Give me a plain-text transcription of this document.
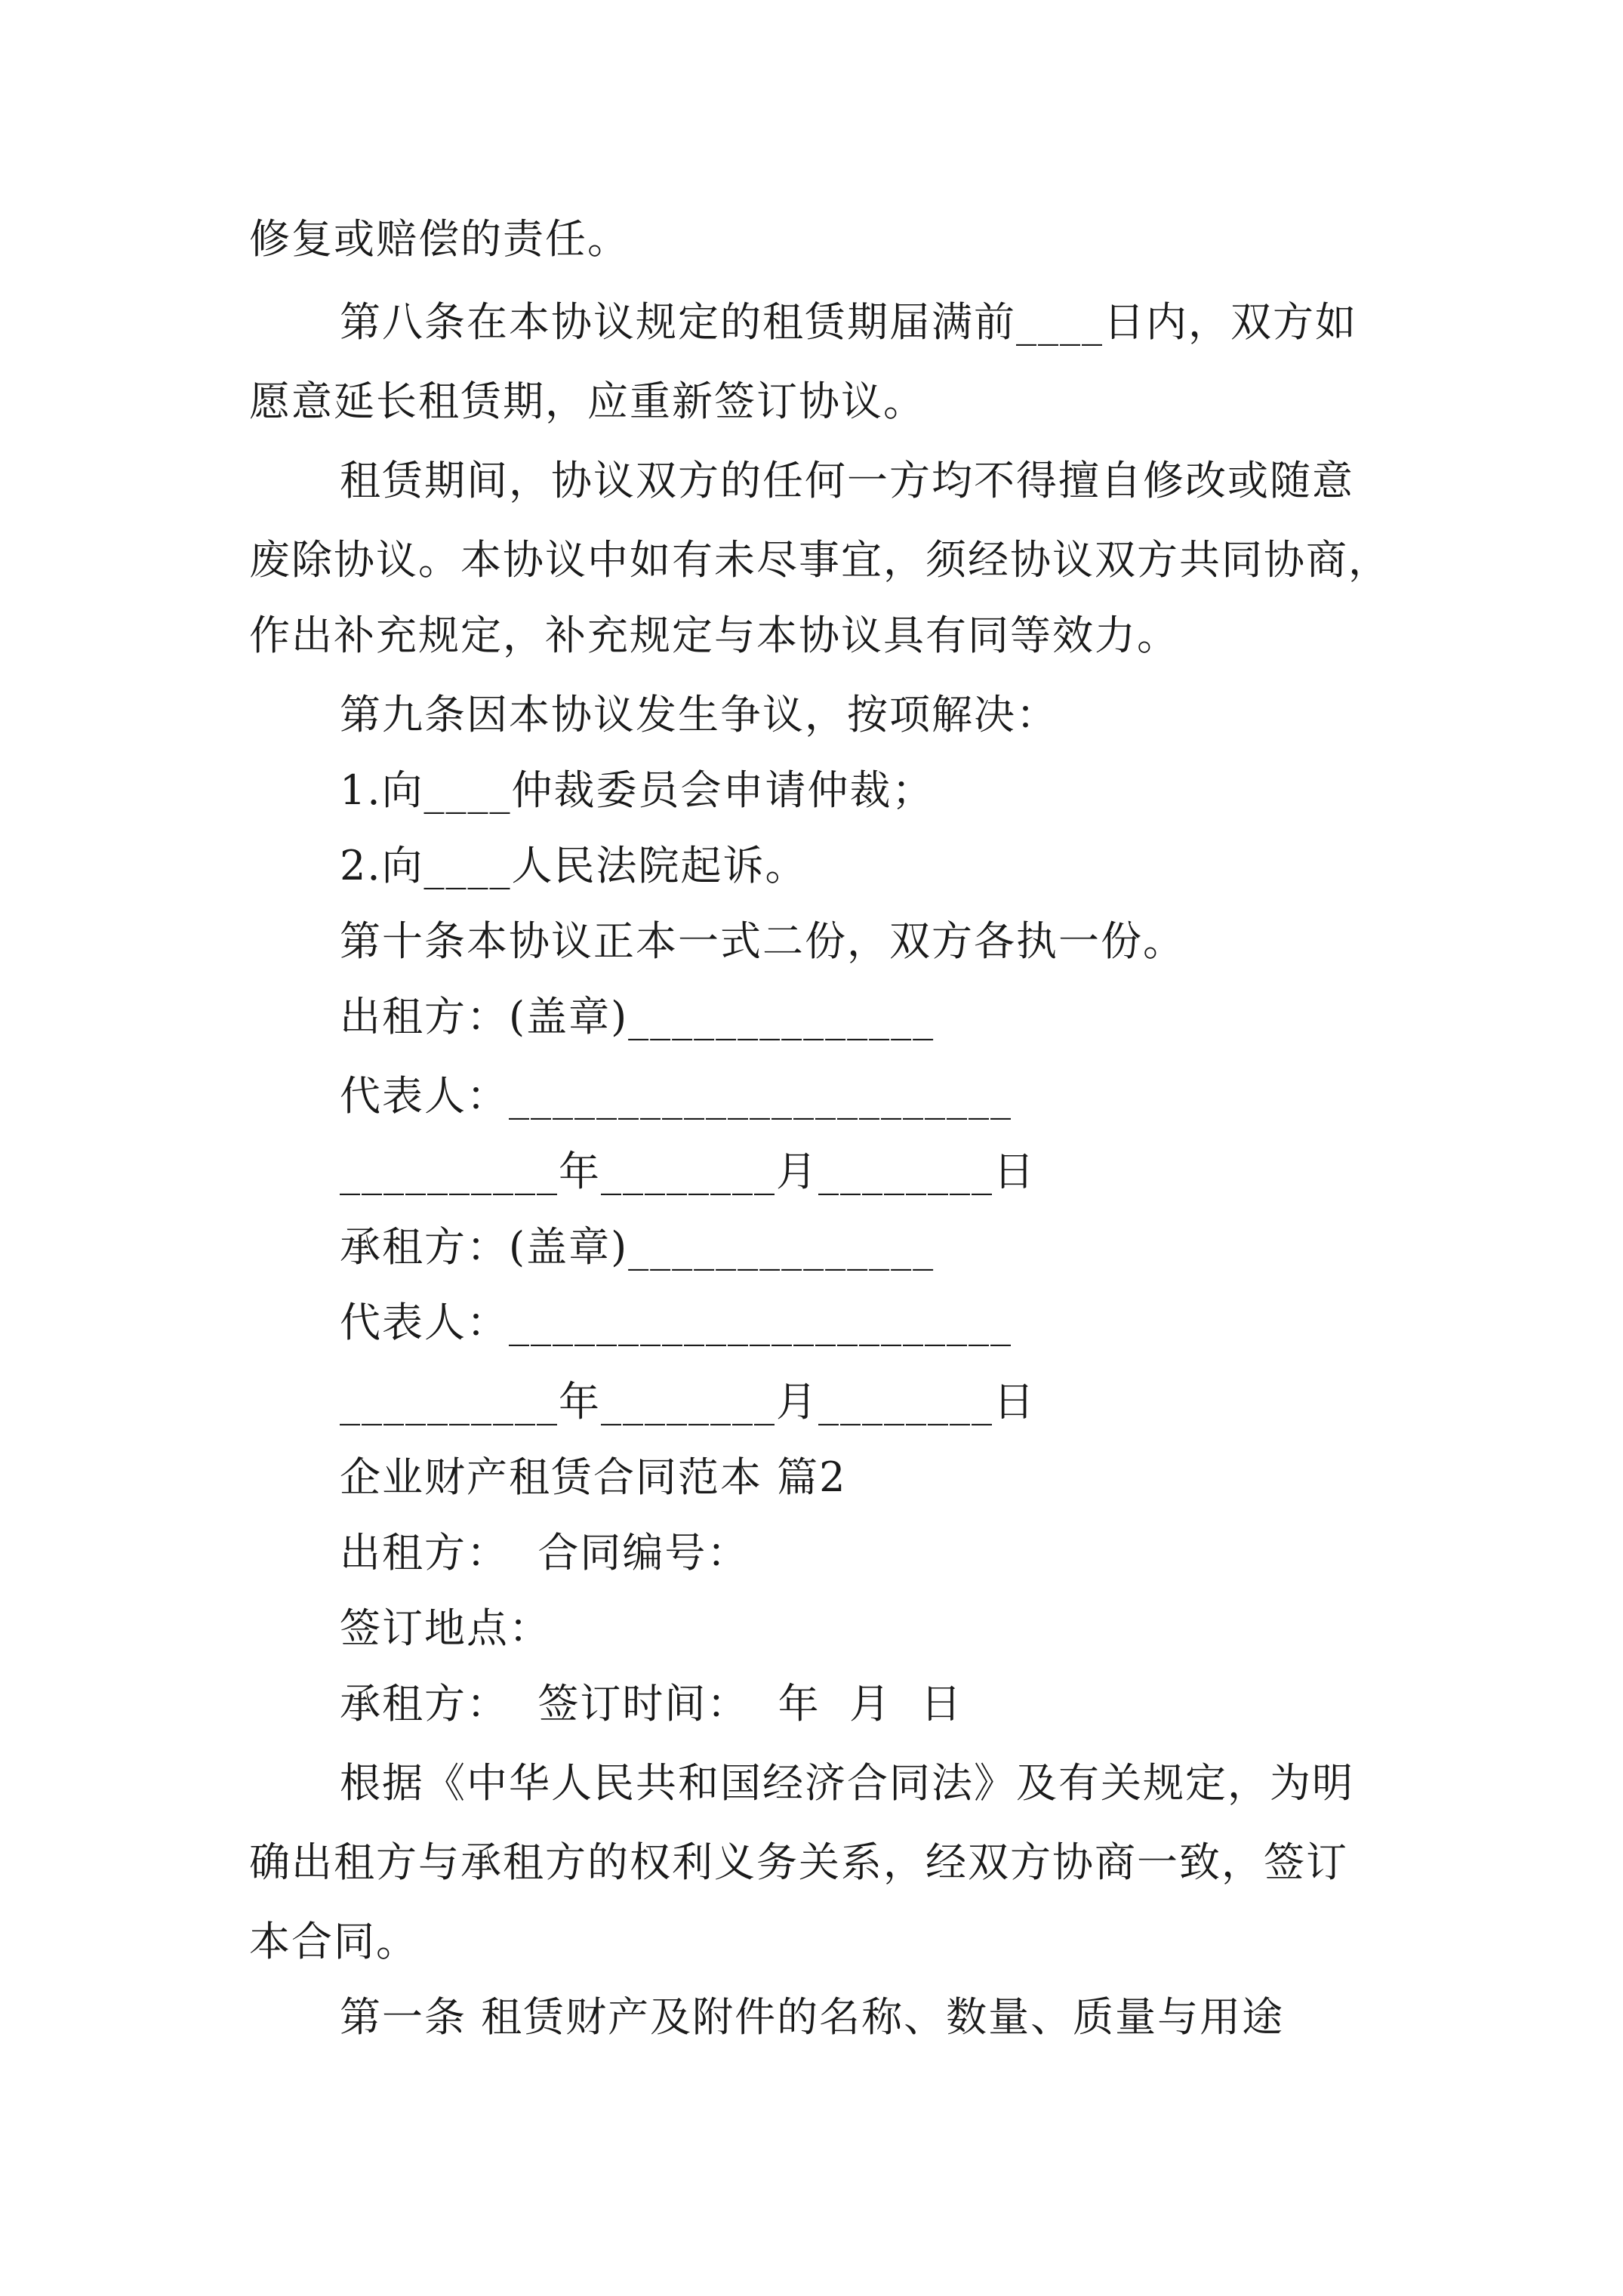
修复或赔偿的责任。
第八条在本协议规定的租赁期届满前____日内，双方如
愿意延长租赁期，应重新签订协议。
租赁期间，协议双方的任何一方均不得擅自修改或随意
废除协议。本协议中如有未尽事宜，须经协议双方共同协商，
作出补充规定，补充规定与本协议具有同等效力。
第九条因本协议发生争议，按项解决：
1.向____仲裁委员会申请仲裁；
2.向____人民法院起诉。
第十条本协议正本一式二份，双方各执一份。
出租方：(盖章)______________
代表人：_______________________
__________年________月________日
承租方：(盖章)______________
代表人：_______________________
__________年________月________日
企业财产租赁合同范本 篇2
出租方：  合同编号：
签订地点：
承租方：  签订时间：  年  月  日
根据《中华人民共和国经济合同法》及有关规定，为明
确出租方与承租方的权利义务关系，经双方协商一致，签订
本合同。
第一条 租赁财产及附件的名称、数量、质量与用途
